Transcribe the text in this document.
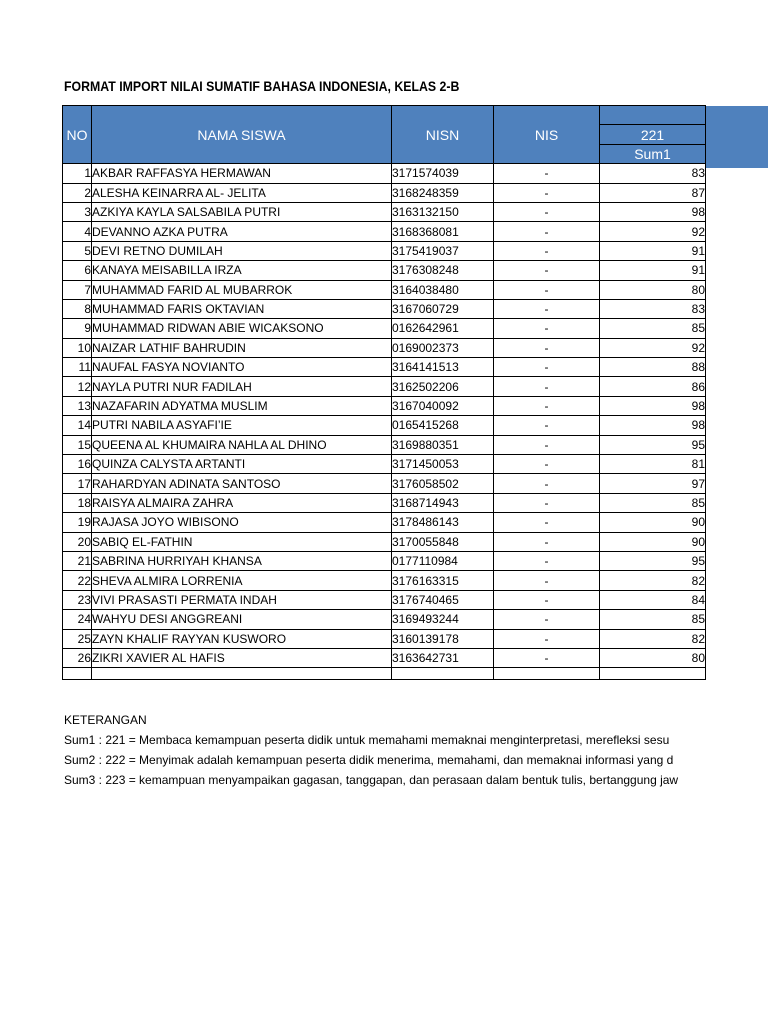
FORMAT IMPORT NILAI SUMATIF BAHASA INDONESIA, KELAS 2-B
NO	NAMA SISWA	NISN	NIS	
				221
				Sum1
1	AKBAR RAFFASYA HERMAWAN	3171574039	-	83
2	ALESHA KEINARRA AL- JELITA	3168248359	-	87
3	AZKIYA KAYLA SALSABILA PUTRI	3163132150	-	98
4	DEVANNO AZKA PUTRA	3168368081	-	92
5	DEVI RETNO DUMILAH	3175419037	-	91
6	KANAYA MEISABILLA IRZA	3176308248	-	91
7	MUHAMMAD FARID AL MUBARROK	3164038480	-	80
8	MUHAMMAD FARIS OKTAVIAN	3167060729	-	83
9	MUHAMMAD RIDWAN ABIE WICAKSONO	0162642961	-	85
10	NAIZAR LATHIF BAHRUDIN	0169002373	-	92
11	NAUFAL FASYA NOVIANTO	3164141513	-	88
12	NAYLA PUTRI NUR FADILAH	3162502206	-	86
13	NAZAFARIN ADYATMA MUSLIM	3167040092	-	98
14	PUTRI NABILA ASYAFI’IE	0165415268	-	98
15	QUEENA AL KHUMAIRA NAHLA AL DHINO	3169880351	-	95
16	QUINZA CALYSTA ARTANTI	3171450053	-	81
17	RAHARDYAN ADINATA SANTOSO	3176058502	-	97
18	RAISYA ALMAIRA ZAHRA	3168714943	-	85
19	RAJASA JOYO WIBISONO	3178486143	-	90
20	SABIQ EL-FATHIN	3170055848	-	90
21	SABRINA HURRIYAH KHANSA	0177110984	-	95
22	SHEVA ALMIRA LORRENIA	3176163315	-	82
23	VIVI PRASASTI PERMATA INDAH	3176740465	-	84
24	WAHYU DESI ANGGREANI	3169493244	-	85
25	ZAYN KHALIF RAYYAN KUSWORO	3160139178	-	82
26	ZIKRI XAVIER AL HAFIS	3163642731	-	80

KETERANGAN
Sum1 : 221 = Membaca kemampuan peserta didik untuk memahami memaknai menginterpretasi, merefleksi sesu
Sum2 : 222 = Menyimak adalah kemampuan peserta didik menerima, memahami, dan memaknai informasi yang d
Sum3 : 223 = kemampuan menyampaikan gagasan, tanggapan, dan perasaan dalam bentuk tulis, bertanggung jaw
